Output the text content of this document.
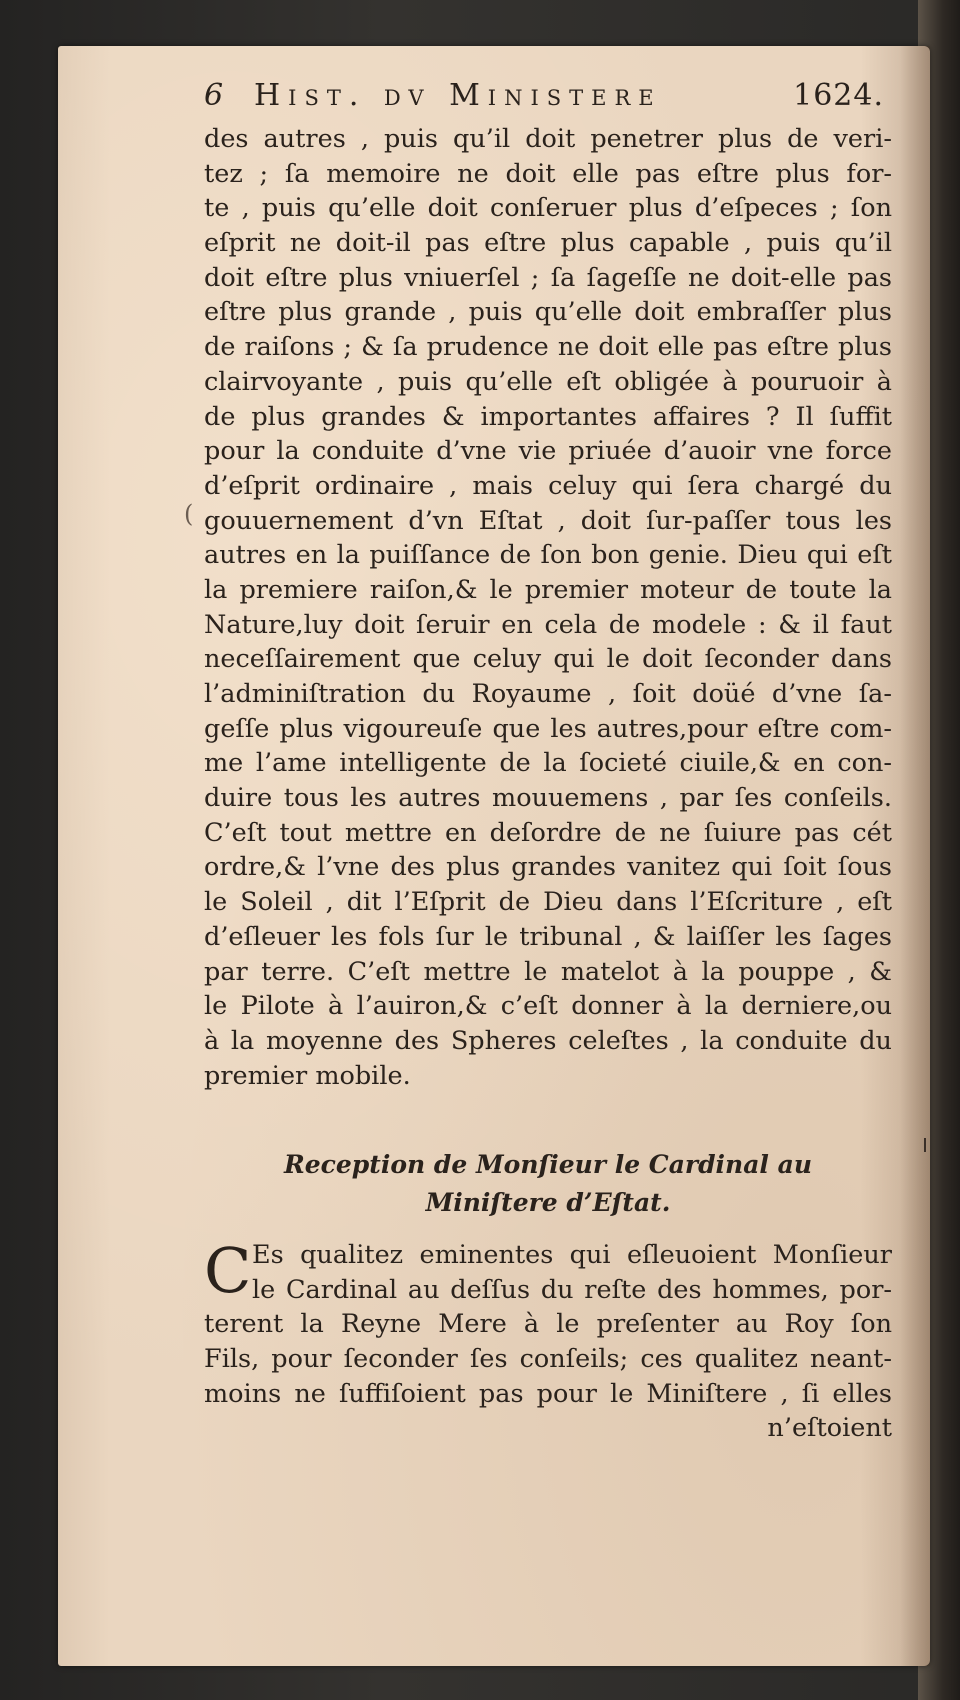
6 Hist. dv Ministere	1624.
(
des autres , puis qu’il doit penetrer plus de veri-
tez ; ſa memoire ne doit elle pas eſtre plus for-
te , puis qu’elle doit conſeruer plus d’eſpeces ; ſon
eſprit ne doit-il pas eſtre plus capable , puis qu’il
doit eſtre plus vniuerſel ; ſa ſageſſe ne doit-elle pas
eſtre plus grande , puis qu’elle doit embraſſer plus
de raiſons ; & ſa prudence ne doit elle pas eſtre plus
clairvoyante , puis qu’elle eſt obligée à pouruoir à
de plus grandes & importantes affaires ? Il ſuffit
pour la conduite d’vne vie priuée d’auoir vne force
d’eſprit ordinaire , mais celuy qui ſera chargé du
gouuernement d’vn Eſtat , doit ſur-paſſer tous les
autres en la puiſſance de ſon bon genie. Dieu qui eſt
la premiere raiſon,& le premier moteur de toute la
Nature,luy doit ſeruir en cela de modele : & il faut
neceſſairement que celuy qui le doit ſeconder dans
l’adminiſtration du Royaume , ſoit doüé d’vne ſa-
geſſe plus vigoureuſe que les autres,pour eſtre com-
me l’ame intelligente de la ſocieté ciuile,& en con-
duire tous les autres mouuemens , par ſes conſeils.
C’eſt tout mettre en deſordre de ne ſuiure pas cét
ordre,& l’vne des plus grandes vanitez qui ſoit ſous
le Soleil , dit l’Eſprit de Dieu dans l’Eſcriture , eſt
d’eſleuer les fols ſur le tribunal , & laiſſer les ſages
par terre. C’eſt mettre le matelot à la pouppe , &
le Pilote à l’auiron,& c’eſt donner à la derniere,ou
à la moyenne des Spheres celeſtes , la conduite du
premier mobile.
Reception de Monſieur le Cardinal au
Miniſtere d’Eſtat.
C Es qualitez eminentes qui eſleuoient Monſieur
le Cardinal au deſſus du reſte des hommes, por-
terent la Reyne Mere à le preſenter au Roy ſon
Fils, pour ſeconder ſes conſeils; ces qualitez neant-
moins ne ſuffiſoient pas pour le Miniſtere , ſi elles
n’eſtoient
